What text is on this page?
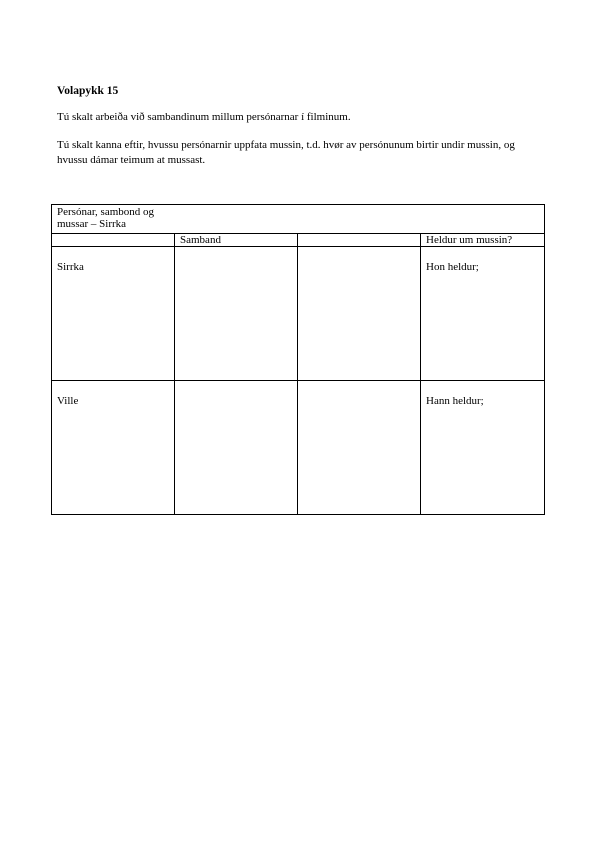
Volapykk 15

Tú skalt arbeiða við sambandinum millum persónarnar í filminum.

Tú skalt kanna eftir, hvussu persónarnir uppfata mussin, t.d. hvør av persónunum birtir undir mussin, og hvussu dámar teimum at mussast.

Persónar, sambond og
mussar – Sirrka			

	Samband		Heldur um mussin?
Sirrka			Hon heldur;
Ville			Hann heldur;
